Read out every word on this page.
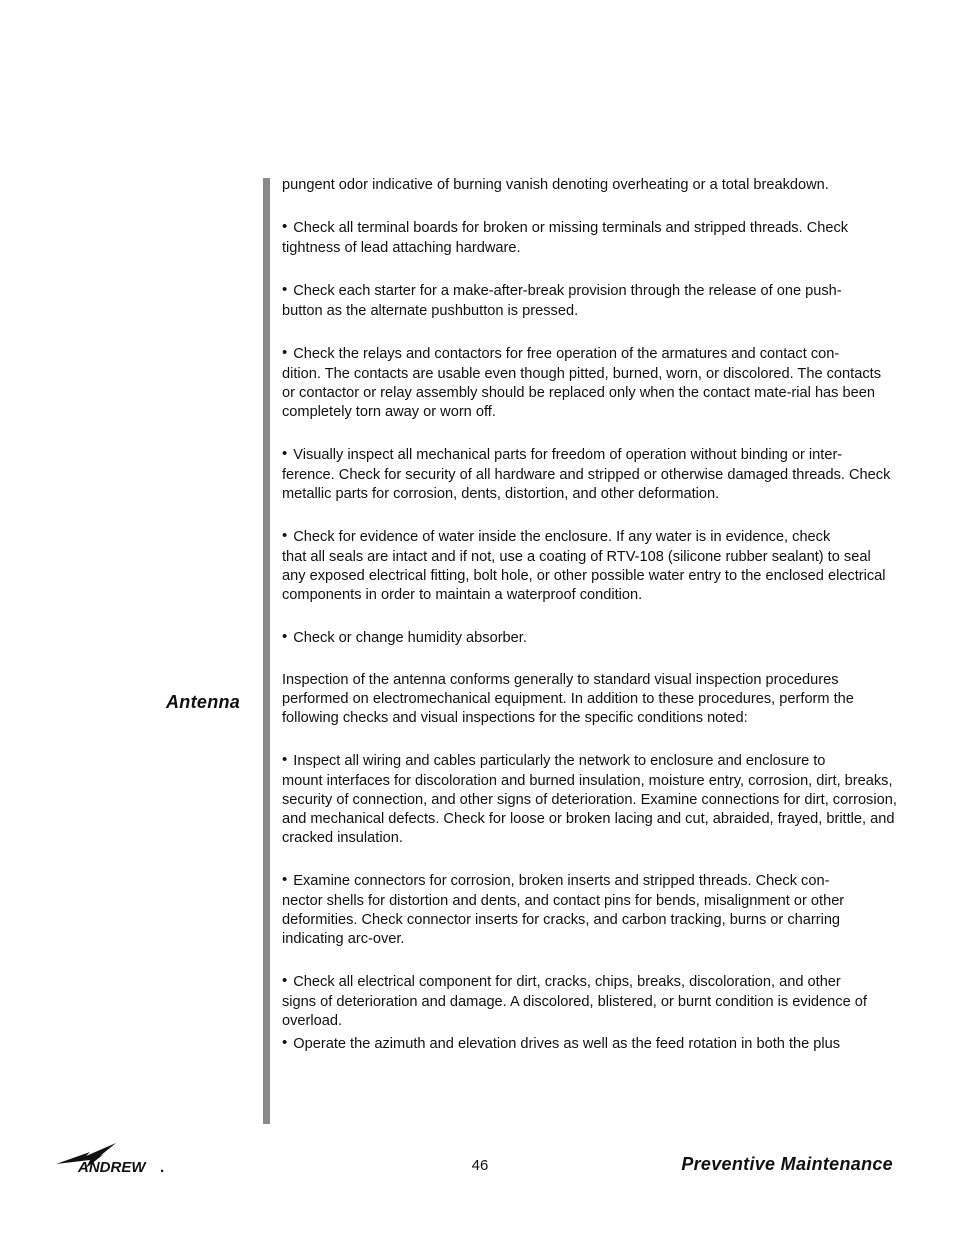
Antenna

pungent odor indicative of burning vanish denoting overheating or a total breakdown.

• Check all terminal boards for broken or missing terminals and stripped threads. Check
tightness of lead attaching hardware.
• Check each starter for a make-after-break provision through the release of one push-
button as the alternate pushbutton is pressed.
• Check the relays and contactors for free operation of the armatures and contact con-
dition. The contacts are usable even though pitted, burned, worn, or discolored. The contacts or contactor or relay assembly should be replaced only when the contact mate-rial has been completely torn away or worn off.
• Visually inspect all mechanical parts for freedom of operation without binding or inter-
ference. Check for security of all hardware and stripped or otherwise damaged threads. Check metallic parts for corrosion, dents, distortion, and other deformation.
• Check for evidence of water inside the enclosure. If any water is in evidence, check
that all seals are intact and if not, use a coating of RTV-108 (silicone rubber sealant) to seal any exposed electrical fitting, bolt hole, or other possible water entry to the enclosed electrical components in order to maintain a waterproof condition.
• Check or change humidity absorber.

Inspection of the antenna conforms generally to standard visual inspection procedures performed on electromechanical equipment. In addition to these procedures, perform the following checks and visual inspections for the specific conditions noted:

• Inspect all wiring and cables particularly the network to enclosure and enclosure to
mount interfaces for discoloration and burned insulation, moisture entry, corrosion, dirt, breaks, security of connection, and other signs of deterioration. Examine connections for dirt, corrosion, and mechanical defects. Check for loose or broken lacing and cut, abraided, frayed, brittle, and cracked insulation.
• Examine connectors for corrosion, broken inserts and stripped threads. Check con-
nector shells for distortion and dents, and contact pins for bends, misalignment or other deformities. Check connector inserts for cracks, and carbon tracking, burns or charring indicating arc-over.
• Check all electrical component for dirt, cracks, chips, breaks, discoloration, and other
signs of deterioration and damage. A discolored, blistered, or burnt condition is evidence of overload.
• Operate the azimuth and elevation drives as well as the feed rotation in both the plus
ANDREW .	46	Preventive Maintenance
